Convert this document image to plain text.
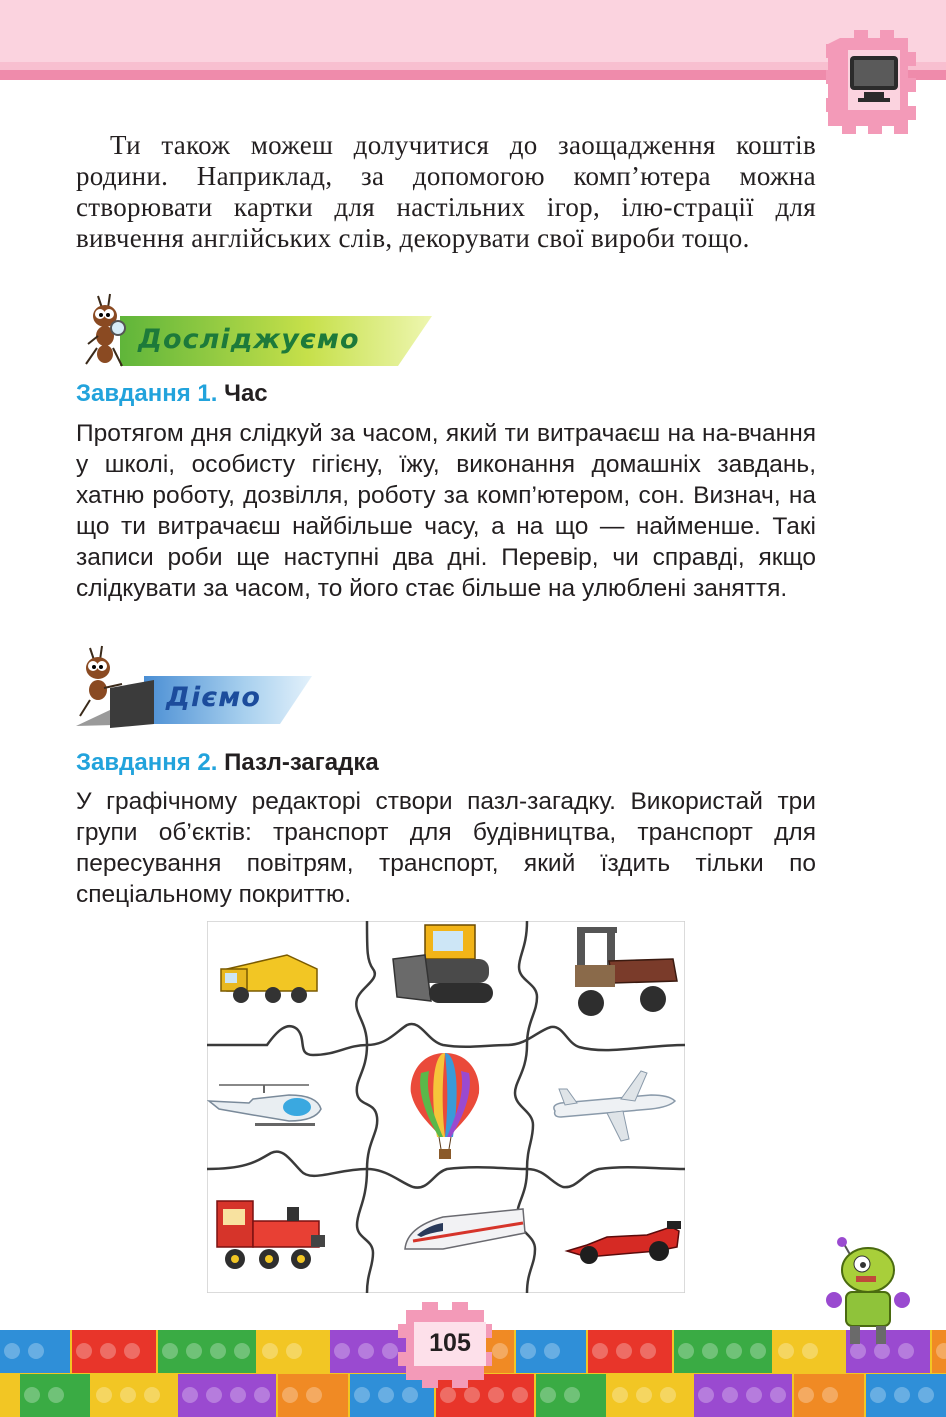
Ти також можеш долучитися до заощадження коштів родини. Наприклад, за допомогою комп’ютера можна створювати картки для настільних ігор, ілю-страції для вивчення англійських слів, декорувати свої вироби тощо.

Досліджуємо
Завдання 1. Час

Протягом дня слідкуй за часом, який ти витрачаєш на на-вчання у школі, особисту гігієну, їжу, виконання домашніх завдань, хатню роботу, дозвілля, роботу за комп’ютером, сон. Визнач, на що ти витрачаєш найбільше часу, а на що — найменше. Такі записи роби ще наступні два дні. Перевір, чи справді, якщо слідкувати за часом, то його стає більше на улюблені заняття.

Діємо
Завдання 2. Пазл-загадка

У графічному редакторі створи пазл-загадку. Використай три групи об’єктів: транспорт для будівництва, транспорт для пересування повітрям, транспорт, який їздить тільки по спеціальному покриттю.

105
